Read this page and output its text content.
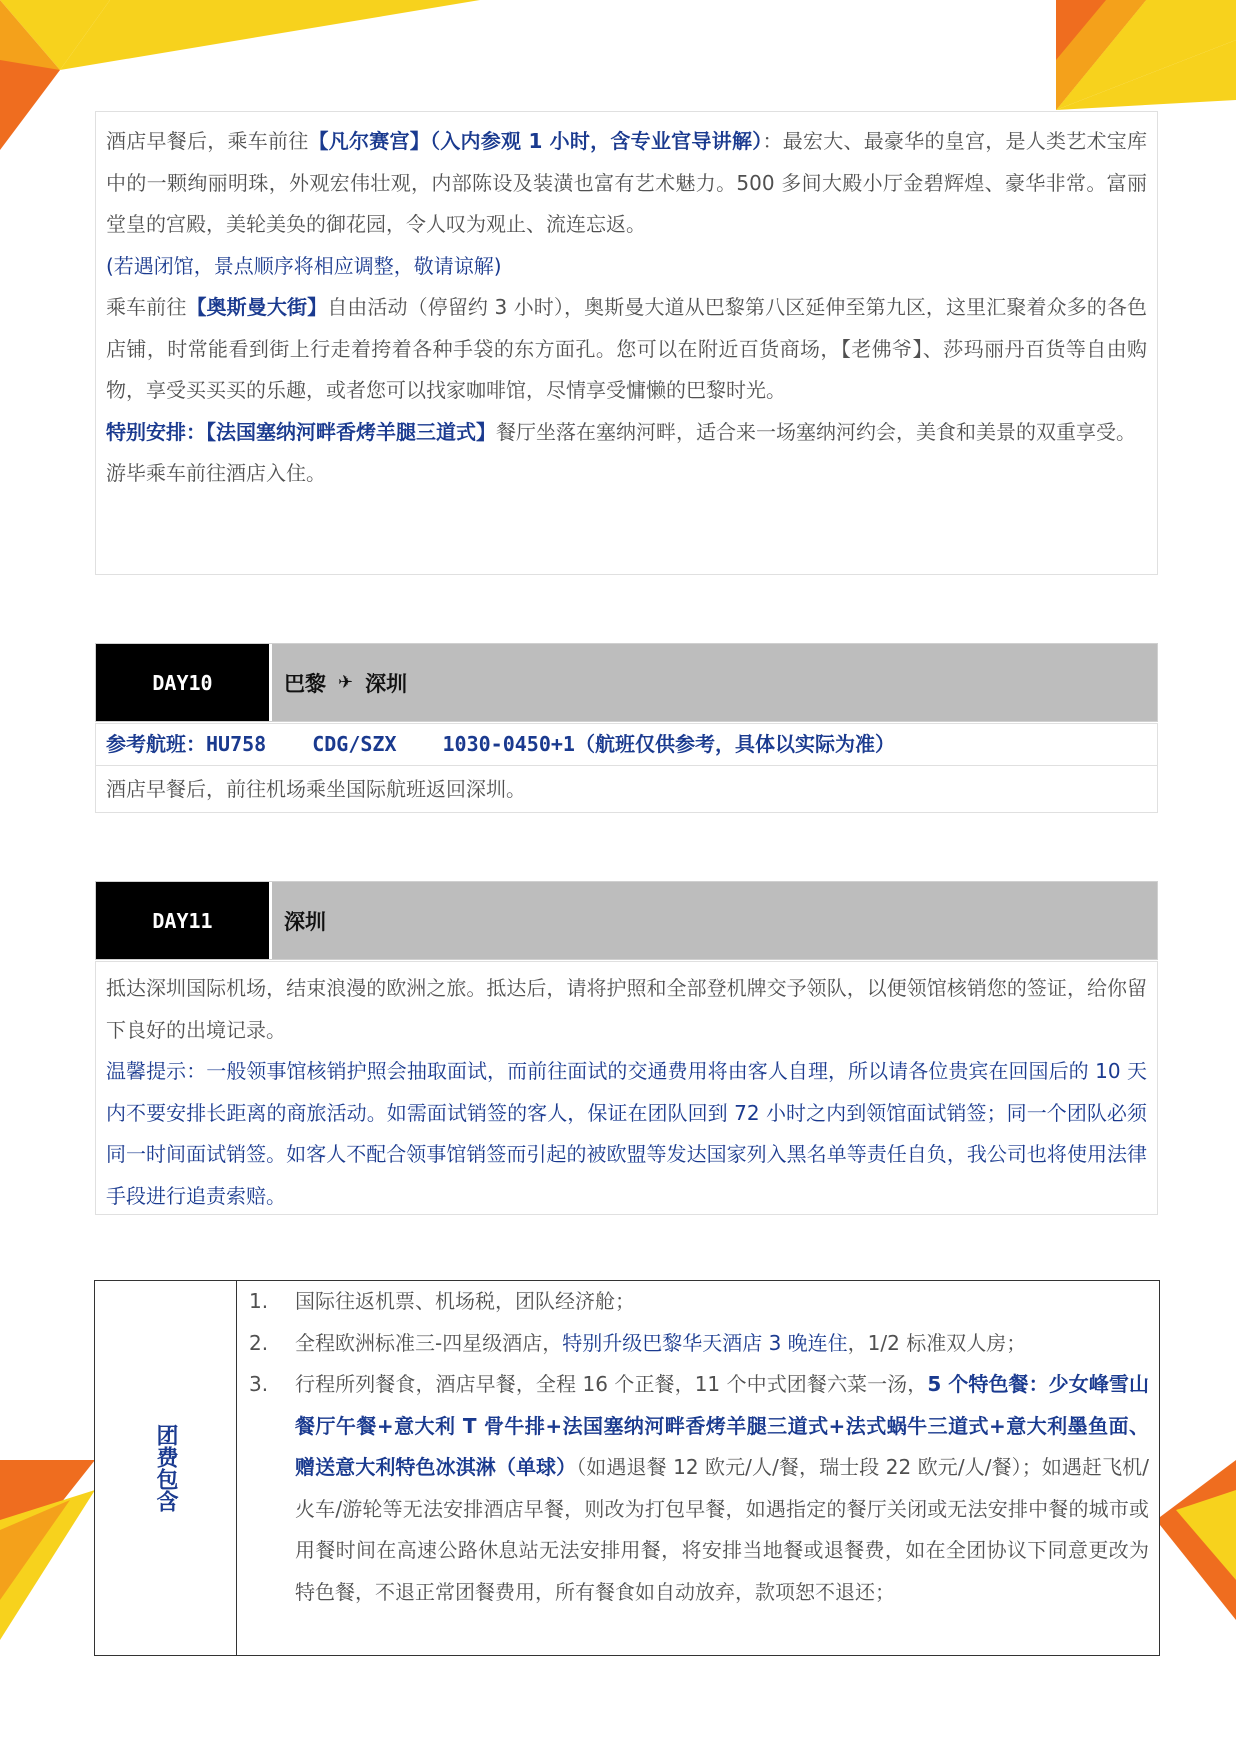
酒店早餐后，乘车前往【凡尔赛宫】（入内参观 1 小时，含专业官导讲解）：最宏大、最豪华的皇宫，是人类艺术宝库中的一颗绚丽明珠，外观宏伟壮观，内部陈设及装潢也富有艺术魅力。500 多间大殿小厅金碧辉煌、豪华非常。富丽堂皇的宫殿，美轮美奂的御花园，令人叹为观止、流连忘返。

(若遇闭馆，景点顺序将相应调整，敬请谅解)

乘车前往【奥斯曼大街】自由活动（停留约 3 小时），奥斯曼大道从巴黎第八区延伸至第九区，这里汇聚着众多的各色店铺，时常能看到街上行走着挎着各种手袋的东方面孔。您可以在附近百货商场，【老佛爷】、莎玛丽丹百货等自由购物，享受买买买的乐趣，或者您可以找家咖啡馆，尽情享受慵懒的巴黎时光。

特别安排：【法国塞纳河畔香烤羊腿三道式】餐厅坐落在塞纳河畔，适合来一场塞纳河约会，美食和美景的双重享受。

游毕乘车前往酒店入住。

DAY10	巴黎 ✈ 深圳
参考航班：HU758 CDG/SZX 1030-0450+1（航班仅供参考，具体以实际为准）
酒店早餐后，前往机场乘坐国际航班返回深圳。
DAY11	深圳

抵达深圳国际机场，结束浪漫的欧洲之旅。抵达后，请将护照和全部登机牌交予领队，以便领馆核销您的签证，给你留下良好的出境记录。

温馨提示：一般领事馆核销护照会抽取面试，而前往面试的交通费用将由客人自理，所以请各位贵宾在回国后的 10 天内不要安排长距离的商旅活动。如需面试销签的客人，保证在团队回到 72 小时之内到领馆面试销签；同一个团队必须同一时间面试销签。如客人不配合领事馆销签而引起的被欧盟等发达国家列入黑名单等责任自负，我公司也将使用法律手段进行追责索赔。

团费包含
1.	国际往返机票、机场税，团队经济舱；
2.	全程欧洲标准三-四星级酒店，特别升级巴黎华天酒店 3 晚连住，1/2 标准双人房；
3.	行程所列餐食，酒店早餐，全程 16 个正餐，11 个中式团餐六菜一汤，5 个特色餐：少女峰雪山餐厅午餐+意大利 T 骨牛排+法国塞纳河畔香烤羊腿三道式+法式蜗牛三道式+意大利墨鱼面、赠送意大利特色冰淇淋（单球）（如遇退餐 12 欧元/人/餐，瑞士段 22 欧元/人/餐）；如遇赶飞机/火车/游轮等无法安排酒店早餐，则改为打包早餐，如遇指定的餐厅关闭或无法安排中餐的城市或用餐时间在高速公路休息站无法安排用餐，将安排当地餐或退餐费，如在全团协议下同意更改为特色餐，不退正常团餐费用，所有餐食如自动放弃，款项恕不退还；
